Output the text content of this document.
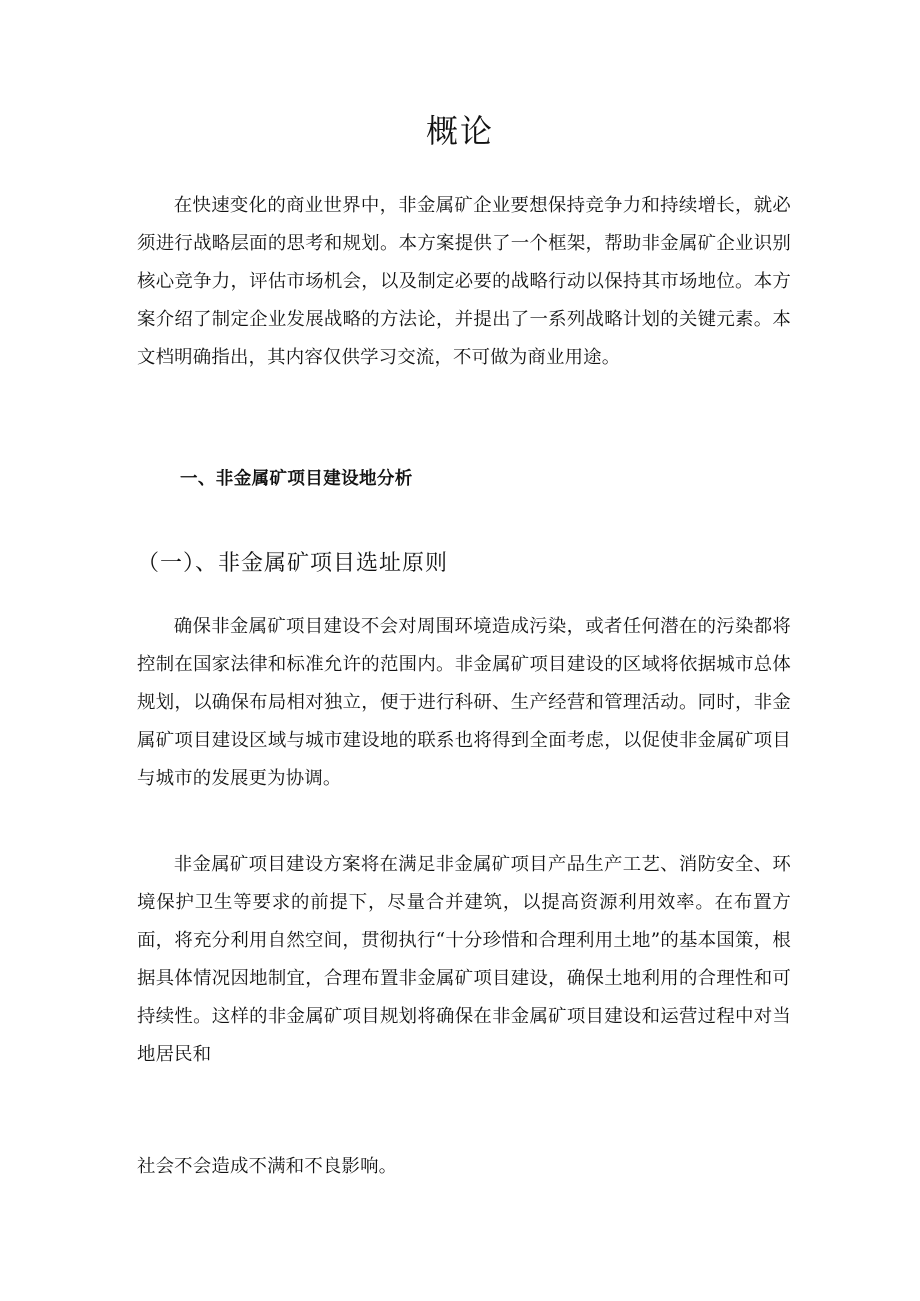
概论

在快速变化的商业世界中，非金属矿企业要想保持竞争力和持续增长，就必须进行战略层面的思考和规划。本方案提供了一个框架，帮助非金属矿企业识别核心竞争力，评估市场机会，以及制定必要的战略行动以保持其市场地位。本方案介绍了制定企业发展战略的方法论，并提出了一系列战略计划的关键元素。本文档明确指出，其内容仅供学习交流，不可做为商业用途。

一、非金属矿项目建设地分析
（一）、非金属矿项目选址原则

确保非金属矿项目建设不会对周围环境造成污染，或者任何潜在的污染都将控制在国家法律和标准允许的范围内。非金属矿项目建设的区域将依据城市总体规划，以确保布局相对独立，便于进行科研、生产经营和管理活动。同时，非金属矿项目建设区域与城市建设地的联系也将得到全面考虑，以促使非金属矿项目与城市的发展更为协调。

非金属矿项目建设方案将在满足非金属矿项目产品生产工艺、消防安全、环境保护卫生等要求的前提下，尽量合并建筑，以提高资源利用效率。在布置方面，将充分利用自然空间，贯彻执行“十分珍惜和合理利用土地”的基本国策，根据具体情况因地制宜，合理布置非金属矿项目建设，确保土地利用的合理性和可持续性。这样的非金属矿项目规划将确保在非金属矿项目建设和运营过程中对当地居民和

社会不会造成不满和不良影响。
